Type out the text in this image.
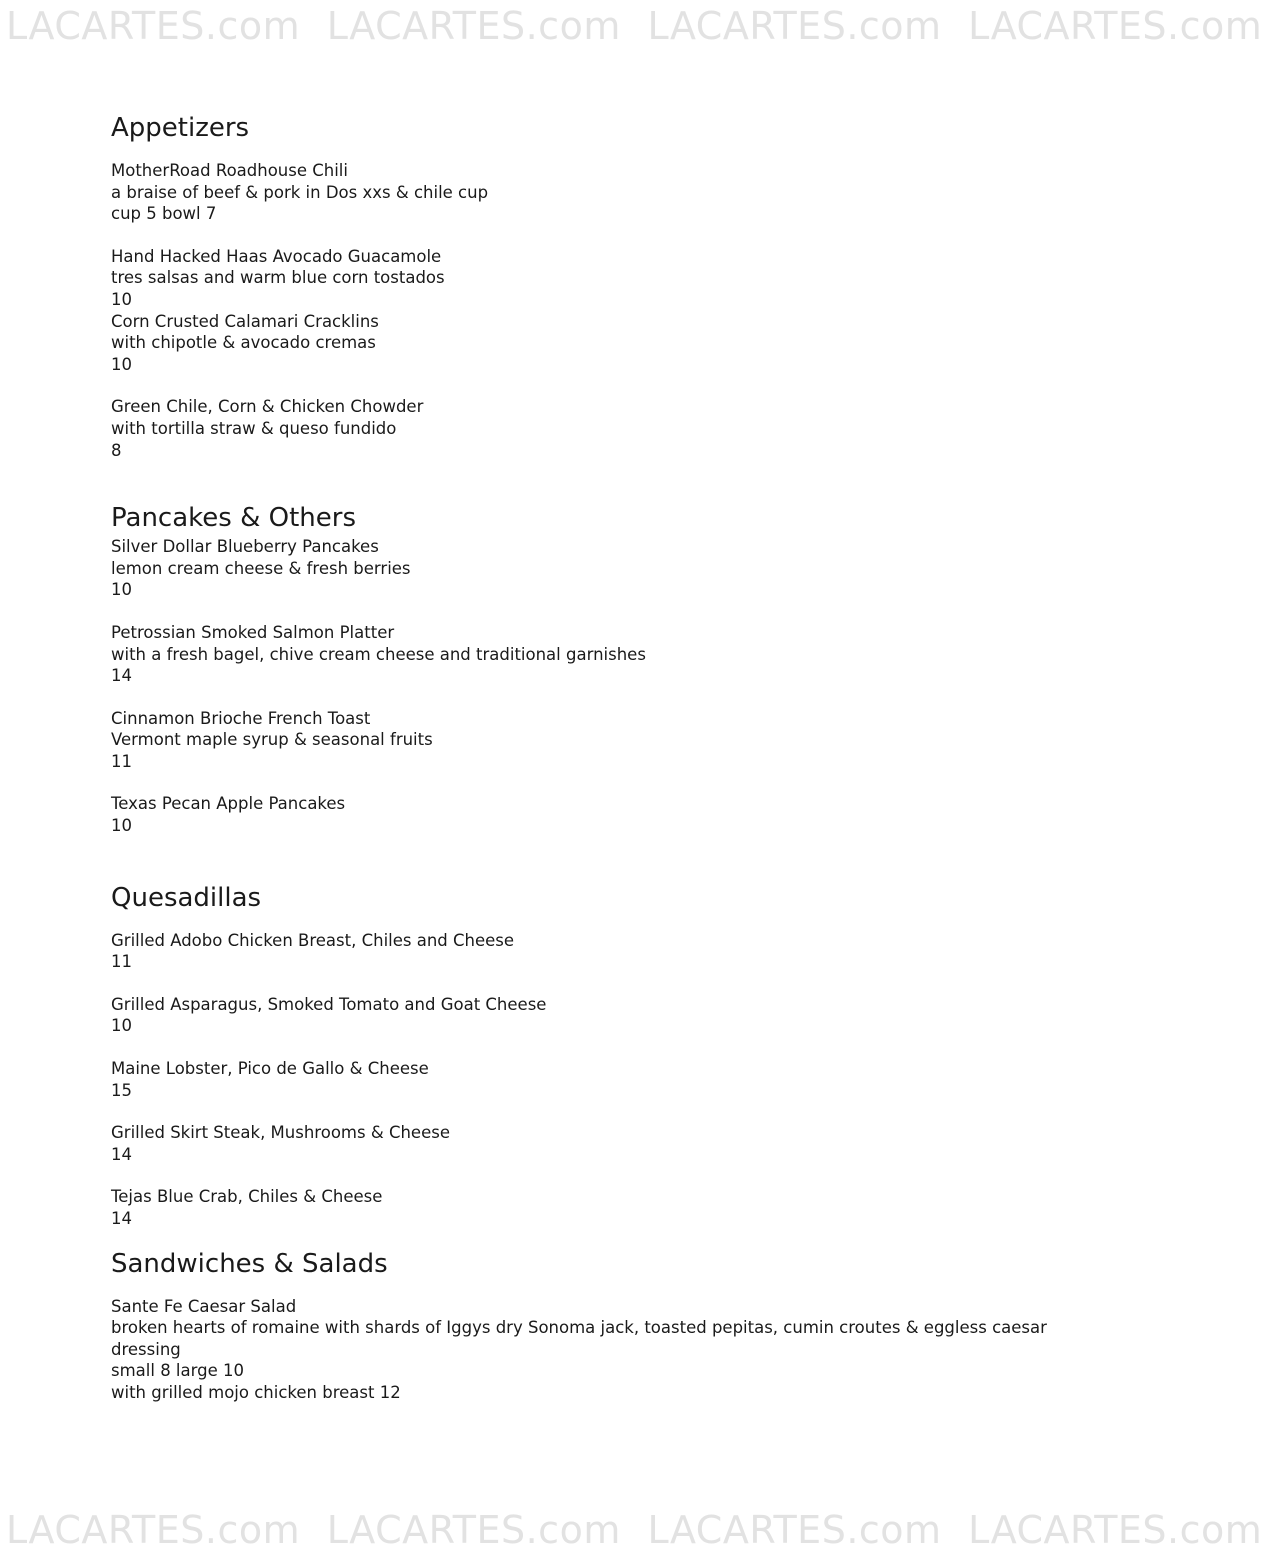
LACARTES.com LACARTES.com LACARTES.com LACARTES.com
Appetizers

MotherRoad Roadhouse Chili

a braise of beef & pork in Dos xxs & chile cup

cup 5 bowl 7

Hand Hacked Haas Avocado Guacamole

tres salsas and warm blue corn tostados

10

Corn Crusted Calamari Cracklins

with chipotle & avocado cremas

10

Green Chile, Corn & Chicken Chowder

with tortilla straw & queso fundido

8

Pancakes & Others

Silver Dollar Blueberry Pancakes

lemon cream cheese & fresh berries

10

Petrossian Smoked Salmon Platter

with a fresh bagel, chive cream cheese and traditional garnishes

14

Cinnamon Brioche French Toast

Vermont maple syrup & seasonal fruits

11

Texas Pecan Apple Pancakes

10

Quesadillas

Grilled Adobo Chicken Breast, Chiles and Cheese

11

Grilled Asparagus, Smoked Tomato and Goat Cheese

10

Maine Lobster, Pico de Gallo & Cheese

15

Grilled Skirt Steak, Mushrooms & Cheese

14

Tejas Blue Crab, Chiles & Cheese

14

Sandwiches & Salads

Sante Fe Caesar Salad

broken hearts of romaine with shards of Iggys dry Sonoma jack, toasted pepitas, cumin croutes & eggless caesar dressing

small 8 large 10

with grilled mojo chicken breast 12

LACARTES.com LACARTES.com LACARTES.com LACARTES.com
